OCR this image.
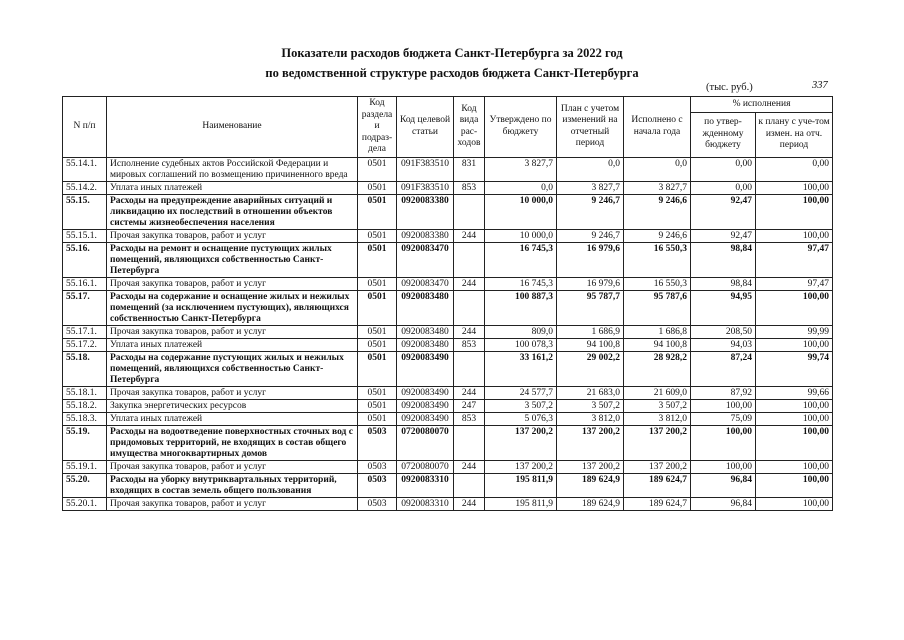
Показатели расходов бюджета Санкт-Петербурга за 2022 год
по ведомственной структуре расходов бюджета Санкт-Петербурга
(тыс. руб.)	337
N п/п	Наименование	Код раздела и подраз-дела	Код целевой статьи	Код вида рас-ходов	Утверждено по бюджету	План с учетом изменений на отчетный период	Исполнено с начала года	% исполнения	
								по утвер-жденному бюджету	к плану с уче-том измен. на отч. период
55.14.1.	Исполнение судебных актов Российской Федерации и мировых соглашений по возмещению причиненного вреда	0501	091F383510	831	3 827,7	0,0	0,0	0,00	0,00
55.14.2.	Уплата иных платежей	0501	091F383510	853	0,0	3 827,7	3 827,7	0,00	100,00
55.15.	Расходы на предупреждение аварийных ситуаций и ликвидацию их последствий в отношении объектов системы жизнеобеспечения населения	0501	0920083380		10 000,0	9 246,7	9 246,6	92,47	100,00
55.15.1.	Прочая закупка товаров, работ и услуг	0501	0920083380	244	10 000,0	9 246,7	9 246,6	92,47	100,00
55.16.	Расходы на ремонт и оснащение пустующих жилых помещений, являющихся собственностью Санкт-Петербурга	0501	0920083470		16 745,3	16 979,6	16 550,3	98,84	97,47
55.16.1.	Прочая закупка товаров, работ и услуг	0501	0920083470	244	16 745,3	16 979,6	16 550,3	98,84	97,47
55.17.	Расходы на содержание и оснащение жилых и нежилых помещений (за исключением пустующих), являющихся собственностью Санкт-Петербурга	0501	0920083480		100 887,3	95 787,7	95 787,6	94,95	100,00
55.17.1.	Прочая закупка товаров, работ и услуг	0501	0920083480	244	809,0	1 686,9	1 686,8	208,50	99,99
55.17.2.	Уплата иных платежей	0501	0920083480	853	100 078,3	94 100,8	94 100,8	94,03	100,00
55.18.	Расходы на содержание пустующих жилых и нежилых помещений, являющихся собственностью Санкт-Петербурга	0501	0920083490		33 161,2	29 002,2	28 928,2	87,24	99,74
55.18.1.	Прочая закупка товаров, работ и услуг	0501	0920083490	244	24 577,7	21 683,0	21 609,0	87,92	99,66
55.18.2.	Закупка энергетических ресурсов	0501	0920083490	247	3 507,2	3 507,2	3 507,2	100,00	100,00
55.18.3.	Уплата иных платежей	0501	0920083490	853	5 076,3	3 812,0	3 812,0	75,09	100,00
55.19.	Расходы на водоотведение поверхностных сточных вод с придомовых территорий, не входящих в состав общего имущества многоквартирных домов	0503	0720080070		137 200,2	137 200,2	137 200,2	100,00	100,00
55.19.1.	Прочая закупка товаров, работ и услуг	0503	0720080070	244	137 200,2	137 200,2	137 200,2	100,00	100,00
55.20.	Расходы на уборку внутриквартальных территорий, входящих в состав земель общего пользования	0503	0920083310		195 811,9	189 624,9	189 624,7	96,84	100,00
55.20.1.	Прочая закупка товаров, работ и услуг	0503	0920083310	244	195 811,9	189 624,9	189 624,7	96,84	100,00
